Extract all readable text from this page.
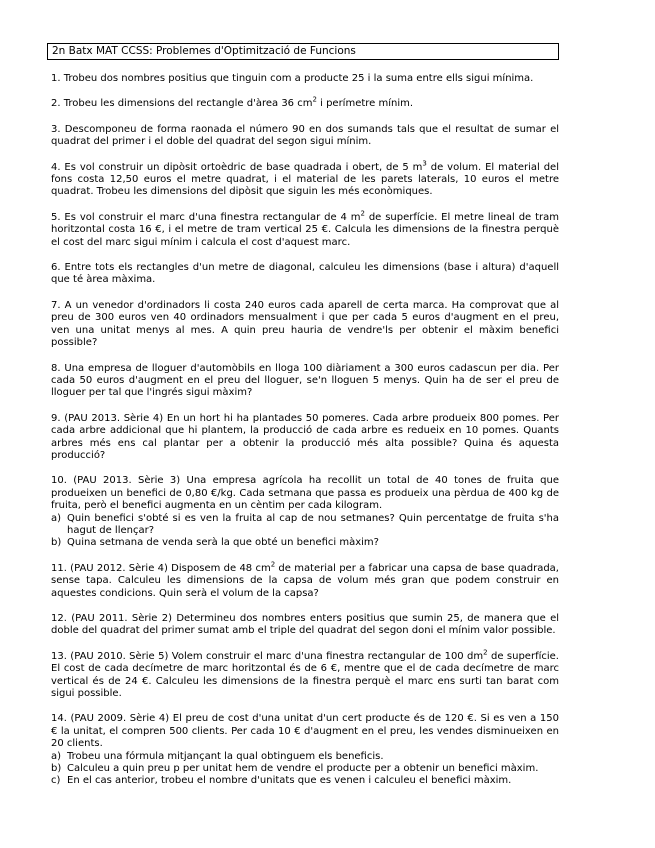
2n Batx MAT CCSS: Problemes d'Optimització de Funcions

1. Trobeu dos nombres positius que tinguin com a producte 25 i la suma entre ells sigui mínima.

2. Trobeu les dimensions del rectangle d'àrea 36 $cm^2$ i perímetre mínim.

3. Descomponeu de forma raonada el número 90 en dos sumands tals que el resultat de sumar el quadrat del primer i el doble del quadrat del segon sigui mínim.

4. Es vol construir un dipòsit ortoèdric de base quadrada i obert, de 5 $m^3$ de volum. El material del fons costa 12,50 euros el metre quadrat, i el material de les parets laterals, 10 euros el metre quadrat. Trobeu les dimensions del dipòsit que siguin les més econòmiques.

5. Es vol construir el marc d'una finestra rectangular de 4 $m^2$ de superfície. El metre lineal de tram horitzontal costa 16 €, i el metre de tram vertical 25 €. Calcula les dimensions de la finestra perquè el cost del marc sigui mínim i calcula el cost d'aquest marc.

6. Entre tots els rectangles d'un metre de diagonal, calculeu les dimensions (base i altura) d'aquell que té àrea màxima.

7. A un venedor d'ordinadors li costa 240 euros cada aparell de certa marca. Ha comprovat que al preu de 300 euros ven 40 ordinadors mensualment i que per cada 5 euros d'augment en el preu, ven una unitat menys al mes. A quin preu hauria de vendre'ls per obtenir el màxim benefici possible?

8. Una empresa de lloguer d'automòbils en lloga 100 diàriament a 300 euros cadascun per dia. Per cada 50 euros d'augment en el preu del lloguer, se'n lloguen 5 menys. Quin ha de ser el preu de lloguer per tal que l'ingrés sigui màxim?

9. (PAU 2013. Sèrie 4) En un hort hi ha plantades 50 pomeres. Cada arbre produeix 800 pomes. Per cada arbre addicional que hi plantem, la producció de cada arbre es redueix en 10 pomes. Quants arbres més ens cal plantar per a obtenir la producció més alta possible? Quina és aquesta producció?

10. (PAU 2013. Sèrie 3) Una empresa agrícola ha recollit un total de 40 tones de fruita que produeixen un benefici de 0,80 €/kg. Cada setmana que passa es produeix una pèrdua de 400 kg de fruita, però el benefici augmenta en un cèntim per cada kilogram.

a) Quin benefici s'obté si es ven la fruita al cap de nou setmanes? Quin percentatge de fruita s'ha hagut de llençar?
b) Quina setmana de venda serà la que obté un benefici màxim?

11. (PAU 2012. Sèrie 4) Disposem de 48 $cm^2$ de material per a fabricar una capsa de base quadrada, sense tapa. Calculeu les dimensions de la capsa de volum més gran que podem construir en aquestes condicions. Quin serà el volum de la capsa?

12. (PAU 2011. Sèrie 2) Determineu dos nombres enters positius que sumin 25, de manera que el doble del quadrat del primer sumat amb el triple del quadrat del segon doni el mínim valor possible.

13. (PAU 2010. Sèrie 5) Volem construir el marc d'una finestra rectangular de 100 $dm^2$ de superfície. El cost de cada decímetre de marc horitzontal és de 6 €, mentre que el de cada decímetre de marc vertical és de 24 €. Calculeu les dimensions de la finestra perquè el marc ens surti tan barat com sigui possible.

14. (PAU 2009. Sèrie 4) El preu de cost d'una unitat d'un cert producte és de 120 €. Si es ven a 150 € la unitat, el compren 500 clients. Per cada 10 € d'augment en el preu, les vendes disminueixen en 20 clients.

a) Trobeu una fórmula mitjançant la qual obtinguem els beneficis.
b) Calculeu a quin preu p per unitat hem de vendre el producte per a obtenir un benefici màxim.
c) En el cas anterior, trobeu el nombre d'unitats que es venen i calculeu el benefici màxim.
